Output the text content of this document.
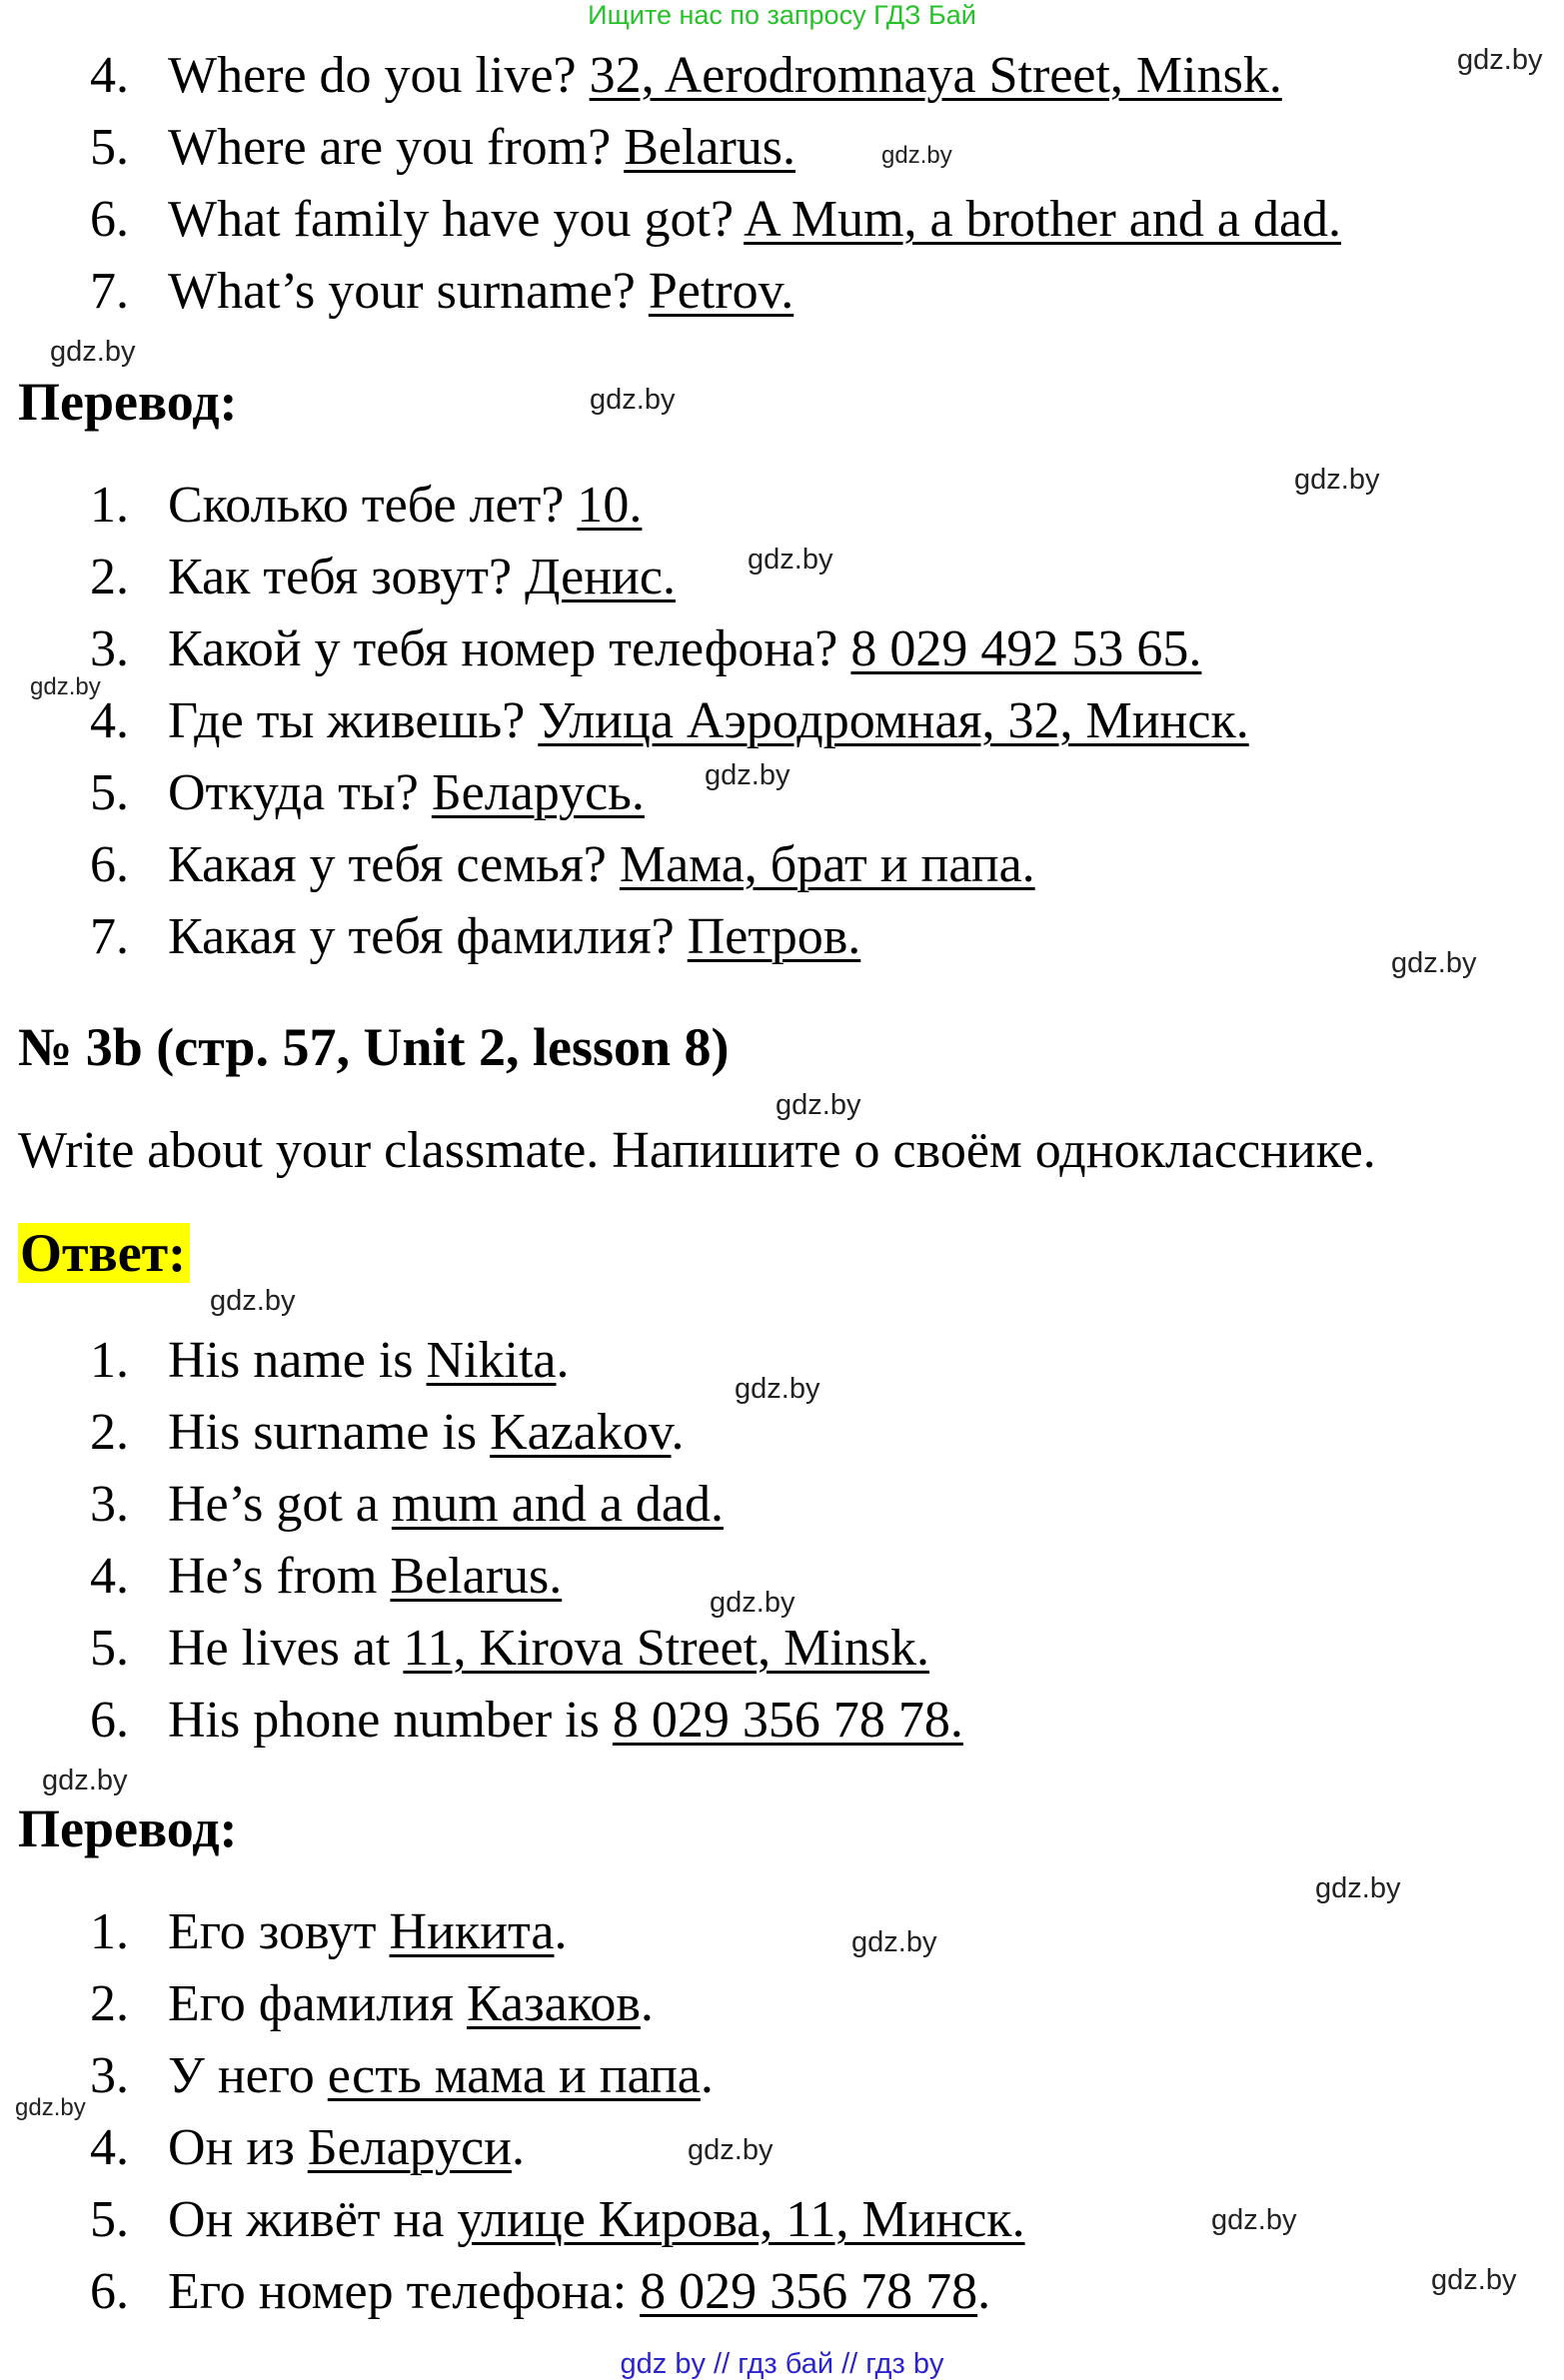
Ищите нас по запросу ГДЗ Бай
4. Where do you live? 32, Aerodromnaya Street, Minsk.
5. Where are you from? Belarus.
6. What family have you got? A Mum, a brother and a dad.
7. What’s your surname? Petrov.
Перевод:
1. Сколько тебе лет? 10.
2. Как тебя зовут? Денис.
3. Какой у тебя номер телефона? 8 029 492 53 65.
4. Где ты живешь? Улица Аэродромная, 32, Минск.
5. Откуда ты? Беларусь.
6. Какая у тебя семья? Мама, брат и папа.
7. Какая у тебя фамилия? Петров.
№ 3b (стр. 57, Unit 2, lesson 8)
Write about your classmate. Напишите о своём однокласснике.
Ответ:
1. His name is Nikita.
2. His surname is Kazakov.
3. He’s got a mum and a dad.
4. He’s from Belarus.
5. He lives at 11, Kirova Street, Minsk.
6. His phone number is 8 029 356 78 78.
Перевод:
1. Его зовут Никита.
2. Его фамилия Казаков.
3. У него есть мама и папа.
4. Он из Беларуси.
5. Он живёт на улице Кирова, 11, Минск.
6. Его номер телефона: 8 029 356 78 78.
gdz.by
gdz.by
gdz.by
gdz.by
gdz.by
gdz.by
gdz.by
gdz.by
gdz.by
gdz.by
gdz.by
gdz.by
gdz.by
gdz.by
gdz.by
gdz.by
gdz.by
gdz.by
gdz.by
gdz.by
gdz by // гдз бай // гдз by
